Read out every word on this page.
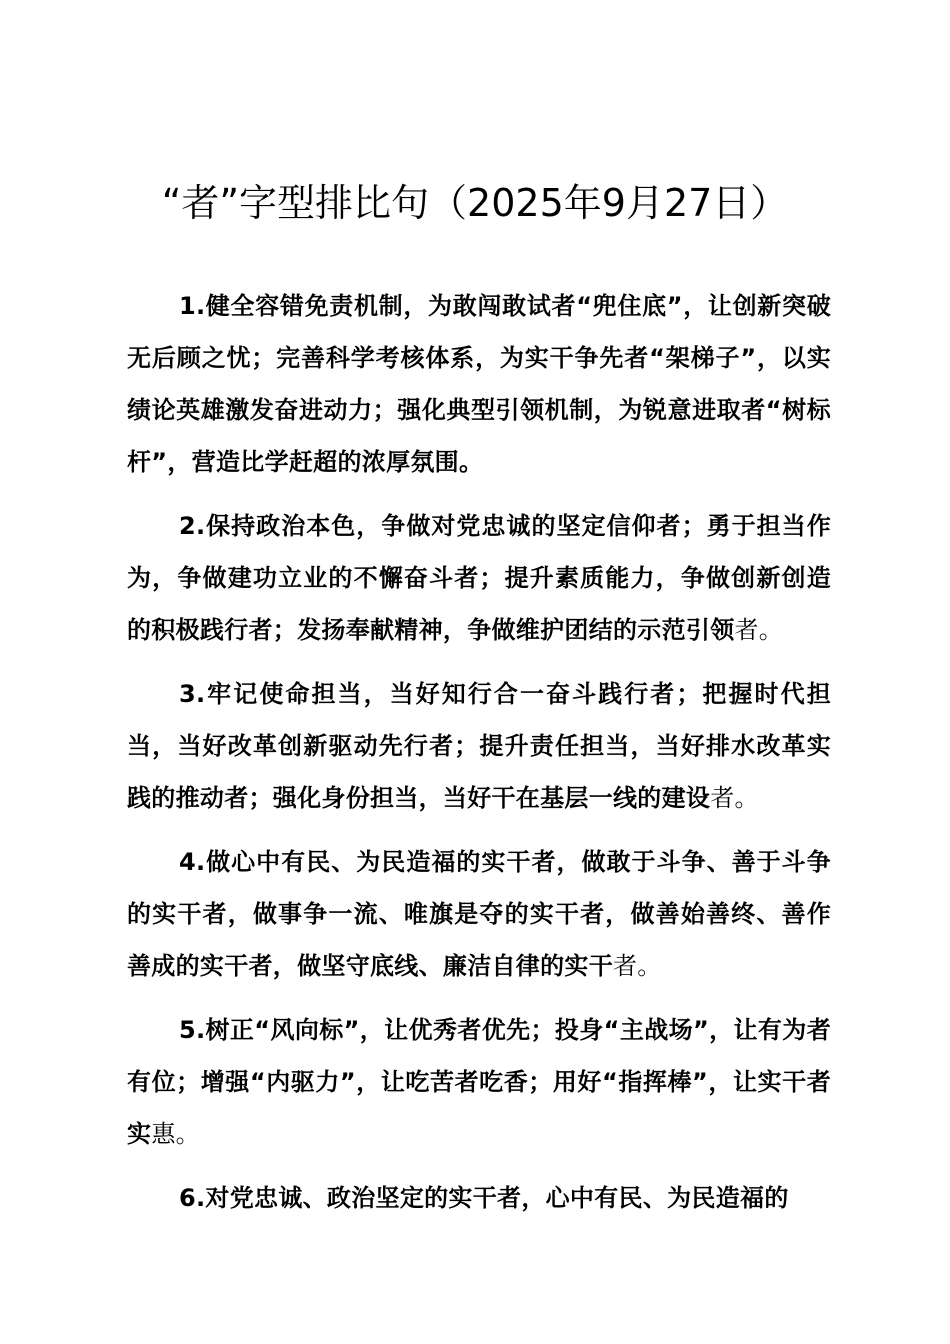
“者”字型排比句（2025年9月27日）

1.健全容错免责机制，为敢闯敢试者“兜住底”，让创新突破无后顾之忧；完善科学考核体系，为实干争先者“架梯子”，以实绩论英雄激发奋进动力；强化典型引领机制，为锐意进取者“树标杆”，营造比学赶超的浓厚氛围。

2.保持政治本色，争做对党忠诚的坚定信仰者；勇于担当作为，争做建功立业的不懈奋斗者；提升素质能力，争做创新创造的积极践行者；发扬奉献精神，争做维护团结的示范引领者。

3.牢记使命担当，当好知行合一奋斗践行者；把握时代担当，当好改革创新驱动先行者；提升责任担当，当好排水改革实践的推动者；强化身份担当，当好干在基层一线的建设者。

4.做心中有民、为民造福的实干者，做敢于斗争、善于斗争的实干者，做事争一流、唯旗是夺的实干者，做善始善终、善作善成的实干者，做坚守底线、廉洁自律的实干者。

5.树正“风向标”，让优秀者优先；投身“主战场”，让有为者有位；增强“内驱力”，让吃苦者吃香；用好“指挥棒”，让实干者实惠。

6.对党忠诚、政治坚定的实干者，心中有民、为民造福的
